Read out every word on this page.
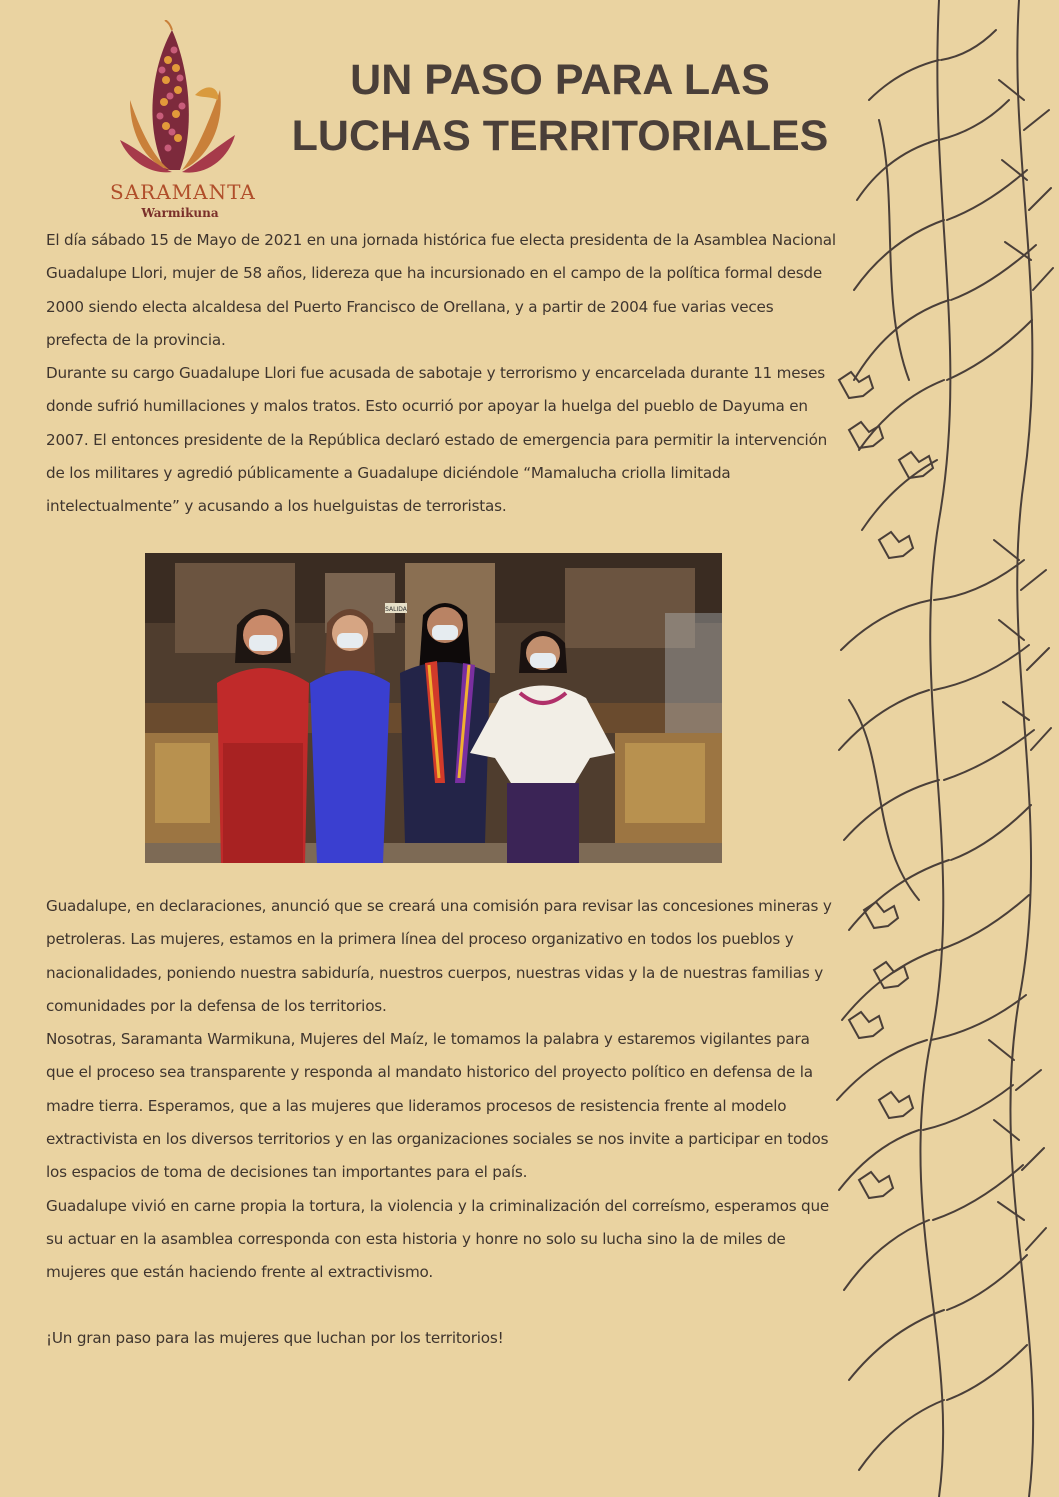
SARAMANTA
Warmikuna
UN PASO PARA LAS
LUCHAS TERRITORIALES

El día sábado 15 de Mayo de 2021 en una jornada histórica fue electa presidenta de la Asamblea Nacional Guadalupe Llori, mujer de 58 años, lidereza que ha incursionado en el campo de la política formal desde 2000 siendo electa alcaldesa del Puerto Francisco de Orellana, y a partir de 2004 fue varias veces prefecta de la provincia.

Durante su cargo Guadalupe Llori fue acusada de sabotaje y terrorismo y encarcelada durante 11 meses donde sufrió humillaciones y malos tratos. Esto ocurrió por apoyar la huelga del pueblo de Dayuma en 2007. El entonces presidente de la República declaró estado de emergencia para permitir la intervención de los militares y agredió públicamente a Guadalupe diciéndole “Mamalucha criolla limitada intelectualmente” y acusando a los huelguistas de terroristas.

SALIDA

Guadalupe, en declaraciones, anunció que se creará una comisión para revisar las concesiones mineras y petroleras. Las mujeres, estamos en la primera línea del proceso organizativo en todos los pueblos y nacionalidades, poniendo nuestra sabiduría, nuestros cuerpos, nuestras vidas y la de nuestras familias y comunidades por la defensa de los territorios.

Nosotras, Saramanta Warmikuna, Mujeres del Maíz, le tomamos la palabra y estaremos vigilantes para que el proceso sea transparente y responda al mandato historico del proyecto político en defensa de la madre tierra. Esperamos, que a las mujeres que lideramos procesos de resistencia frente al modelo extractivista en los diversos territorios y en las organizaciones sociales se nos invite a participar en todos los espacios de toma de decisiones tan importantes para el país.

Guadalupe vivió en carne propia la tortura, la violencia y la criminalización del correísmo, esperamos que su actuar en la asamblea corresponda con esta historia y honre no solo su lucha sino la de miles de mujeres que están haciendo frente al extractivismo.

¡Un gran paso para las mujeres que luchan por los territorios!
